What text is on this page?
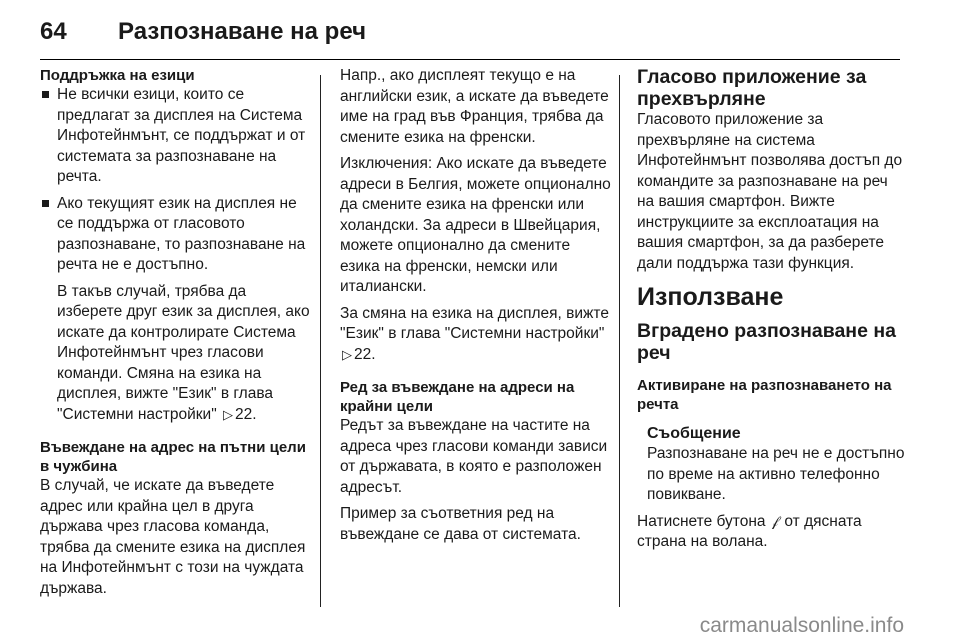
64 Разпознаване на реч
Поддръжка на езици
Не всички езици, които се предлагат за дисплея на Система Инфотейнмънт, се поддържат и от системата за разпознаване на речта.
Ако текущият език на дисплея не се поддържа от гласовото разпознаване, то разпознаване на речта не е достъпно.

В такъв случай, трябва да изберете друг език за дисплея, ако искате да контролирате Система Инфотейнмънт чрез гласови команди. Смяна на езика на дисплея, вижте "Език" в глава "Системни настройки" ▷ 22.

Въвеждане на адрес на пътни цели в чужбина

В случай, че искате да въведете адрес или крайна цел в друга държава чрез гласова команда, трябва да смените езика на дисплея на Инфотейнмънт с този на чуждата държава.

Напр., ако дисплеят текущо е на английски език, а искате да въведете име на град във Франция, трябва да смените езика на френски.

Изключения: Ако искате да въведете адреси в Белгия, можете опционално да смените езика на френски или холандски. За адреси в Швейцария, можете опционално да смените езика на френски, немски или италиански.

За смяна на езика на дисплея, вижте "Език" в глава "Системни настройки" ▷ 22.

Ред за въвеждане на адреси на крайни цели

Редът за въвеждане на частите на адреса чрез гласови команди зависи от държавата, в която е разположен адресът.

Пример за съответния ред на въвеждане се дава от системата.

Гласово приложение за прехвърляне

Гласовото приложение за прехвърляне на система Инфотейнмънт позволява достъп до командите за разпознаване на реч на вашия смартфон. Вижте инструкциите за експлоатация на вашия смартфон, за да разберете дали поддържа тази функция.

Използване
Вградено разпознаване на реч
Активиране на разпознаването на речта
Съобщение

Разпознаване на реч не е достъпно по време на активно телефонно повикване.

Натиснете бутона 𝒻 от дясната страна на волана.

carmanualsonline.info
